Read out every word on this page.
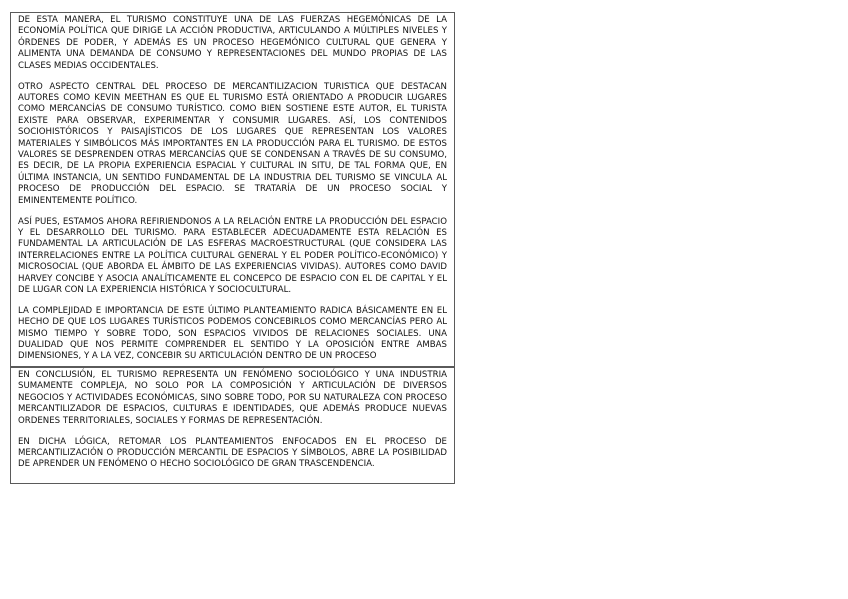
DE ESTA MANERA, EL TURISMO CONSTITUYE UNA DE LAS FUERZAS HEGEMÓNICAS DE LA ECONOMÍA POLÍTICA QUE DIRIGE LA ACCIÓN PRODUCTIVA, ARTICULANDO A MÚLTIPLES NIVELES Y ÓRDENES DE PODER, Y ADEMÁS ES UN PROCESO HEGEMÓNICO CULTURAL QUE GENERA Y ALIMENTA UNA DEMANDA DE CONSUMO Y REPRESENTACIONES DEL MUNDO PROPIAS DE LAS CLASES MEDIAS OCCIDENTALES.

OTRO ASPECTO CENTRAL DEL PROCESO DE MERCANTILIZACION TURISTICA QUE DESTACAN AUTORES COMO KEVIN MEETHAN ES QUE EL TURISMO ESTÁ ORIENTADO A PRODUCIR LUGARES COMO MERCANCÍAS DE CONSUMO TURÍSTICO. COMO BIEN SOSTIENE ESTE AUTOR, EL TURISTA EXISTE PARA OBSERVAR, EXPERIMENTAR Y CONSUMIR LUGARES. ASÍ, LOS CONTENIDOS SOCIOHISTÓRICOS Y PAISAJÍSTICOS DE LOS LUGARES QUE REPRESENTAN LOS VALORES MATERIALES Y SIMBÓLICOS MÁS IMPORTANTES EN LA PRODUCCIÓN PARA EL TURISMO. DE ESTOS VALORES SE DESPRENDEN OTRAS MERCANCÍAS QUE SE CONDENSAN A TRAVÉS DE SU CONSUMO, ES DECIR, DE LA PROPIA EXPERIENCIA ESPACIAL Y CULTURAL IN SITU, DE TAL FORMA QUE, EN ÚLTIMA INSTANCIA, UN SENTIDO FUNDAMENTAL DE LA INDUSTRIA DEL TURISMO SE VINCULA AL PROCESO DE PRODUCCIÓN DEL ESPACIO. SE TRATARÍA DE UN PROCESO SOCIAL Y EMINENTEMENTE POLÍTICO.

ASÍ PUES, ESTAMOS AHORA REFIRIENDONOS A LA RELACIÓN ENTRE LA PRODUCCIÓN DEL ESPACIO Y EL DESARROLLO DEL TURISMO. PARA ESTABLECER ADECUADAMENTE ESTA RELACIÓN ES FUNDAMENTAL LA ARTICULACIÓN DE LAS ESFERAS MACROESTRUCTURAL (QUE CONSIDERA LAS INTERRELACIONES ENTRE LA POLÍTICA CULTURAL GENERAL Y EL PODER POLÍTICO-ECONÓMICO) Y MICROSOCIAL (QUE ABORDA EL ÁMBITO DE LAS EXPERIENCIAS VIVIDAS). AUTORES COMO DAVID HARVEY CONCIBE Y ASOCIA ANALÍTICAMENTE EL CONCEPCO DE ESPACIO CON EL DE CAPITAL Y EL DE LUGAR CON LA EXPERIENCIA HISTÓRICA Y SOCIOCULTURAL.

LA COMPLEJIDAD E IMPORTANCIA DE ESTE ÚLTIMO PLANTEAMIENTO RADICA BÁSICAMENTE EN EL HECHO DE QUE LOS LUGARES TURÍSTICOS PODEMOS CONCEBIRLOS COMO MERCANCÍAS PERO AL MISMO TIEMPO Y SOBRE TODO, SON ESPACIOS VIVIDOS DE RELACIONES SOCIALES. UNA DUALIDAD QUE NOS PERMITE COMPRENDER EL SENTIDO Y LA OPOSICIÓN ENTRE AMBAS DIMENSIONES, Y A LA VEZ, CONCEBIR SU ARTICULACIÓN DENTRO DE UN PROCESO

EN CONCLUSIÓN, EL TURISMO REPRESENTA UN FENÓMENO SOCIOLÓGICO Y UNA INDUSTRIA SUMAMENTE COMPLEJA, NO SOLO POR LA COMPOSICIÓN Y ARTICULACIÓN DE DIVERSOS NEGOCIOS Y ACTIVIDADES ECONÓMICAS, SINO SOBRE TODO, POR SU NATURALEZA CON PROCESO MERCANTILIZADOR DE ESPACIOS, CULTURAS E IDENTIDADES, QUE ADEMÁS PRODUCE NUEVAS ORDENES TERRITORIALES, SOCIALES Y FORMAS DE REPRESENTACIÓN.

EN DICHA LÓGICA, RETOMAR LOS PLANTEAMIENTOS ENFOCADOS EN EL PROCESO DE MERCANTILIZACIÓN O PRODUCCIÓN MERCANTIL DE ESPACIOS Y SÍMBOLOS, ABRE LA POSIBILIDAD DE APRENDER UN FENÓMENO O HECHO SOCIOLÓGICO DE GRAN TRASCENDENCIA.
